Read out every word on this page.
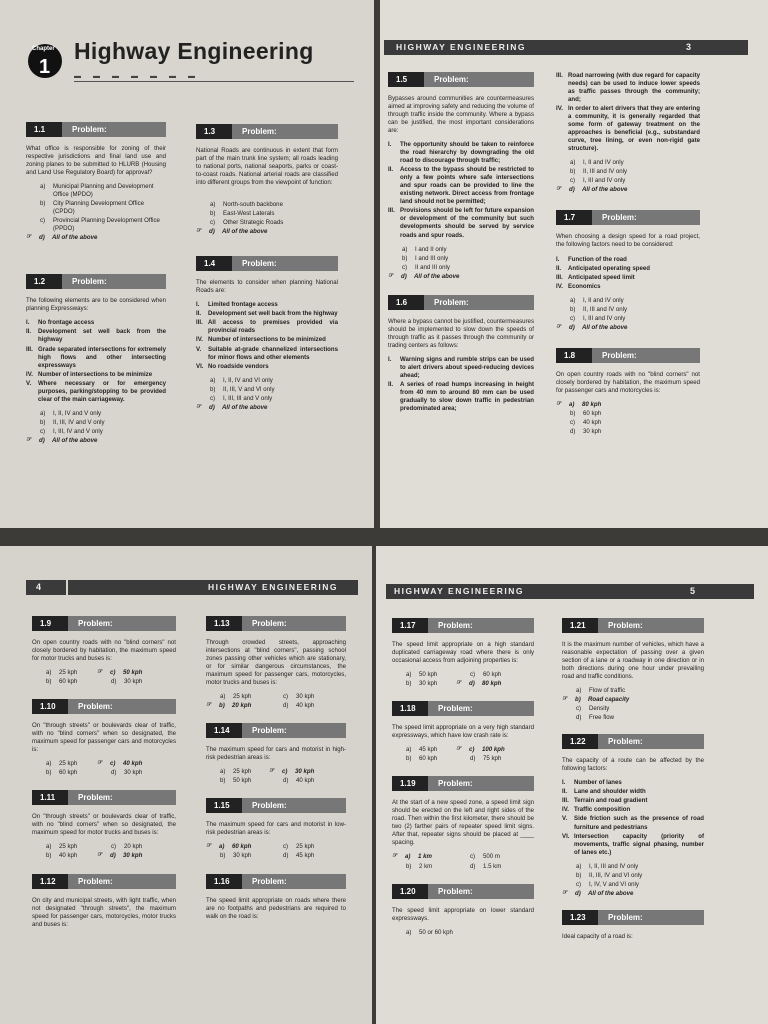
Chapter
1
Highway Engineering
▬▬▬▬▬▬▬
1.1	Problem:
What office is responsible for zoning of their respective jurisdictions and final land use and zoning planes to be submitted to HLURB (Housing and Land Use Regulatory Board) for approval?
a)	Municipal Planning and Development Office (MPDO)
b)	City Planning Development Office (CPDO)
c)	Provincial Planning Development Office (PPDO)
☞	d)	All of the above
1.2	Problem:
The following elements are to be considered when planning Expressways:
I.	No frontage access
II.	Development set well back from the highway
III. Grade separated intersections for extremely high flows and other intersecting expressways
IV. Number of intersections to be minimize
V.	Where necessary or for emergency purposes, parking/stopping to be provided clear of the main carriageway.
a)	I, II, IV and V only
b)	II, III, IV and V only
c)	I, III, IV and V only
☞	d)	All of the above
1.3	Problem:
National Roads are continuous in extent that form part of the main trunk line system; all roads leading to national ports, national seaports, parks or coast-to-coast roads. National arterial roads are classified into different groups from the viewpoint of function:
a)	North-south backbone
b)	East-West Laterals
c)	Other Strategic Roads
☞	d)	All of the above
1.4	Problem:
The elements to consider when planning National Roads are:
I.	Limited frontage access
II.	Development set well back from the highway
III. All access to premises provided via provincial roads
IV. Number of intersections to be minimized
V.	Suitable at-grade channelized intersections for minor flows and other elements
VI. No roadside vendors
a)	I, II, IV and VI only
b)	II, III, V and VI only
c)	I, III, III and V only
☞	d)	All of the above
HIGHWAY ENGINEERING	3
1.5	Problem:
Bypasses around communities are countermeasures aimed at improving safety and reducing the volume of through traffic inside the community. Where a bypass can be justified, the most important considerations are:
I.	The opportunity should be taken to reinforce the road hierarchy by downgrading the old road to discourage through traffic;
II.	Access to the bypass should be restricted to only a few points where safe intersections and spur roads can be provided to line the existing network. Direct access from frontage land should not be permitted;
III. Provisions should be left for future expansion or development of the community but such developments should be served by service roads and spur roads.
a)	I and II only
b)	I and III only
c)	II and III only
☞	d)	All of the above
1.6	Problem:
Where a bypass cannot be justified, countermeasures should be implemented to slow down the speeds of through traffic as it passes through the community or trading centers as follows:
I.	Warning signs and rumble strips can be used to alert drivers about speed-reducing devices ahead;
II.	A series of road humps increasing in height from 40 mm to around 80 mm can be used gradually to slow down traffic in pedestrian predominated area;
III. Road narrowing (with due regard for capacity needs) can be used to induce lower speeds as traffic passes through the community; and;
IV. In order to alert drivers that they are entering a community, it is generally regarded that some form of gateway treatment on the approaches is beneficial (e.g., substandard curve, tree lining, or even non-rigid gate structure).
a)	I, II and IV only
b)	II, III and IV only
c)	I, III and IV only
☞	d)	All of the above
1.7	Problem:
When choosing a design speed for a road project, the following factors need to be considered:
I.	Function of the road
II.	Anticipated operating speed
III. Anticipated speed limit
IV. Economics
a)	I, II and IV only
b)	II, III and IV only
c)	I, III and IV only
☞	d)	All of the above
1.8	Problem:
On open country roads with no "blind corners" not closely bordered by habitation, the maximum speed for passenger cars and motorcycles is:
☞	a)	80 kph
b)	60 kph
c)	40 kph
d)	30 kph
4	HIGHWAY ENGINEERING
1.9	Problem:
On open country roads with no "blind corners" not closely bordered by habitation, the maximum speed for motor trucks and buses is:
a)	25 kph	☞	c)	50 kph
b)	60 kph	d)	30 kph
1.10	Problem:
On "through streets" or boulevards clear of traffic, with no "blind corners" when so designated, the maximum speed for passenger cars and motorcycles is:
a)	25 kph	☞	c)	40 kph
b)	60 kph	d)	30 kph
1.11	Problem:
On "through streets" or boulevards clear of traffic, with no "blind corners" when so designated, the maximum speed for motor trucks and buses is:
a)	25 kph	c)	20 kph
b)	40 kph	☞	d)	30 kph
1.12	Problem:
On city and municipal streets, with light traffic, when not designated "through streets", the maximum speed for passenger cars, motorcycles, motor trucks and buses is:
1.13	Problem:
Through crowded streets, approaching intersections at "blind corners", passing school zones passing other vehicles which are stationary, or for similar dangerous circumstances, the maximum speed for passenger cars, motorcycles, motor trucks and buses is:
a)	25 kph	c)	30 kph
☞	b)	20 kph	d)	40 kph
1.14	Problem:
The maximum speed for cars and motorist in high-risk pedestrian areas is:
a)	25 kph	☞	c)	30 kph
b)	50 kph	d)	40 kph
1.15	Problem:
The maximum speed for cars and motorist in low-risk pedestrian areas is:
☞	a)	60 kph	c)	25 kph
b)	30 kph	d)	45 kph
1.16	Problem:
The speed limit appropriate on roads where there are no footpaths and pedestrians are required to walk on the road is:
HIGHWAY ENGINEERING	5
1.17	Problem:
The speed limit appropriate on a high standard duplicated carriageway road where there is only occasional access from adjoining properties is:
a)	50 kph	c)	60 kph
b)	30 kph	☞	d)	80 kph
1.18	Problem:
The speed limit appropriate on a very high standard expressways, which have low crash rate is:
a)	45 kph	☞	c)	100 kph
b)	60 kph	d)	75 kph
1.19	Problem:
At the start of a new speed zone, a speed limit sign should be erected on the left and right sides of the road. Then within the first kilometer, there should be two (2) farther pairs of repeater speed limit signs. After that, repeater signs should be placed at ____ spacing.
☞	a)	1 km	c)	500 m
b)	2 km	d)	1.5 km
1.20	Problem:
The speed limit appropriate on lower standard expressways.
a)	50 or 60 kph
1.21	Problem:
It is the maximum number of vehicles, which have a reasonable expectation of passing over a given section of a lane or a roadway in one direction or in both directions during one hour under prevailing road and traffic conditions.
a)	Flow of traffic
☞	b)	Road capacity
c)	Density
d)	Free flow
1.22	Problem:
The capacity of a route can be affected by the following factors:
I.	Number of lanes
II.	Lane and shoulder width
III. Terrain and road gradient
IV. Traffic composition
V.	Side friction such as the presence of road furniture and pedestrians
VI. Intersection capacity (priority of movements, traffic signal phasing, number of lanes etc.)
a)	I, II, III and IV only
b)	II, III, IV and VI only
c)	I, IV, V and VI only
☞	d)	All of the above
1.23	Problem:
Ideal capacity of a road is:
